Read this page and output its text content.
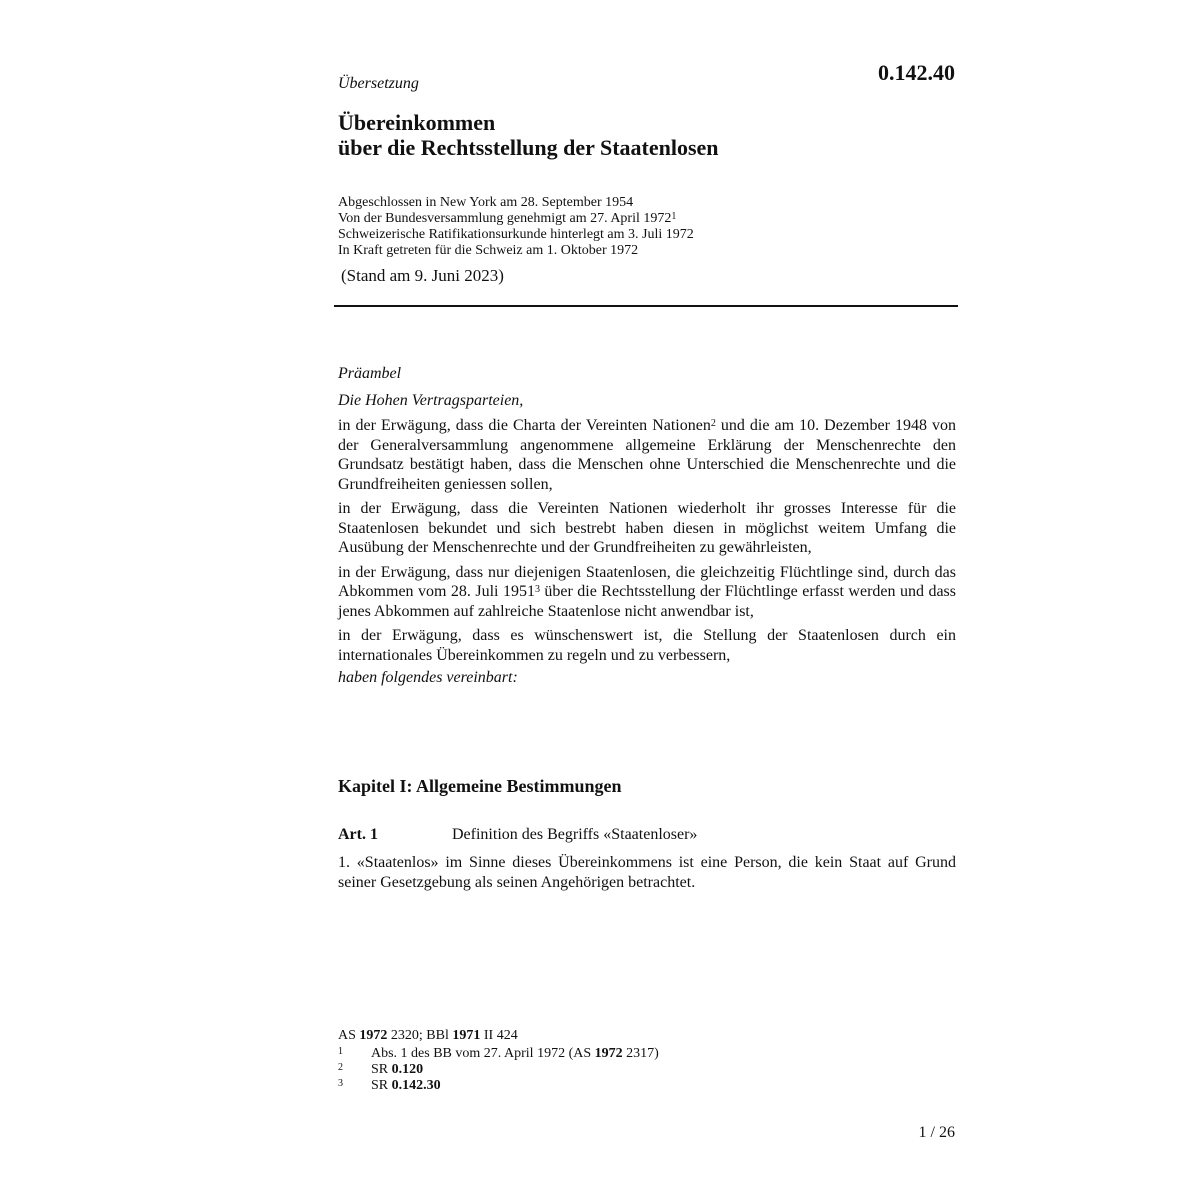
Übersetzung	0.142.40
Übereinkommen
über die Rechtsstellung der Staatenlosen
Abgeschlossen in New York am 28. September 1954
Von der Bundesversammlung genehmigt am 27. April 1972$^1$
Schweizerische Ratifikationsurkunde hinterlegt am 3. Juli 1972
In Kraft getreten für die Schweiz am 1. Oktober 1972
(Stand am 9. Juni 2023)

Präambel

Die Hohen Vertragsparteien,

in der Erwägung, dass die Charta der Vereinten Nationen$^2$ und die am 10. Dezember 1948 von der Generalversammlung angenommene allgemeine Erklärung der Menschenrechte den Grundsatz bestätigt haben, dass die Menschen ohne Unterschied die Menschenrechte und die Grundfreiheiten geniessen sollen,

in der Erwägung, dass die Vereinten Nationen wiederholt ihr grosses Interesse für die Staatenlosen bekundet und sich bestrebt haben diesen in möglichst weitem Umfang die Ausübung der Menschenrechte und der Grundfreiheiten zu gewährleisten,

in der Erwägung, dass nur diejenigen Staatenlosen, die gleichzeitig Flüchtlinge sind, durch das Abkommen vom 28. Juli 1951$^3$ über die Rechtsstellung der Flüchtlinge erfasst werden und dass jenes Abkommen auf zahlreiche Staatenlose nicht anwendbar ist,

in der Erwägung, dass es wünschenswert ist, die Stellung der Staatenlosen durch ein internationales Übereinkommen zu regeln und zu verbessern,

haben folgendes vereinbart:

Kapitel I: Allgemeine Bestimmungen
Art. 1	Definition des Begriffs «Staatenloser»

1. «Staatenlos» im Sinne dieses Übereinkommens ist eine Person, die kein Staat auf Grund seiner Gesetzgebung als seinen Angehörigen betrachtet.

AS 1972 2320; BBl 1971 II 424
1	Abs. 1 des BB vom 27. April 1972 (AS 1972 2317)
2	SR 0.120
3	SR 0.142.30
1 / 26
